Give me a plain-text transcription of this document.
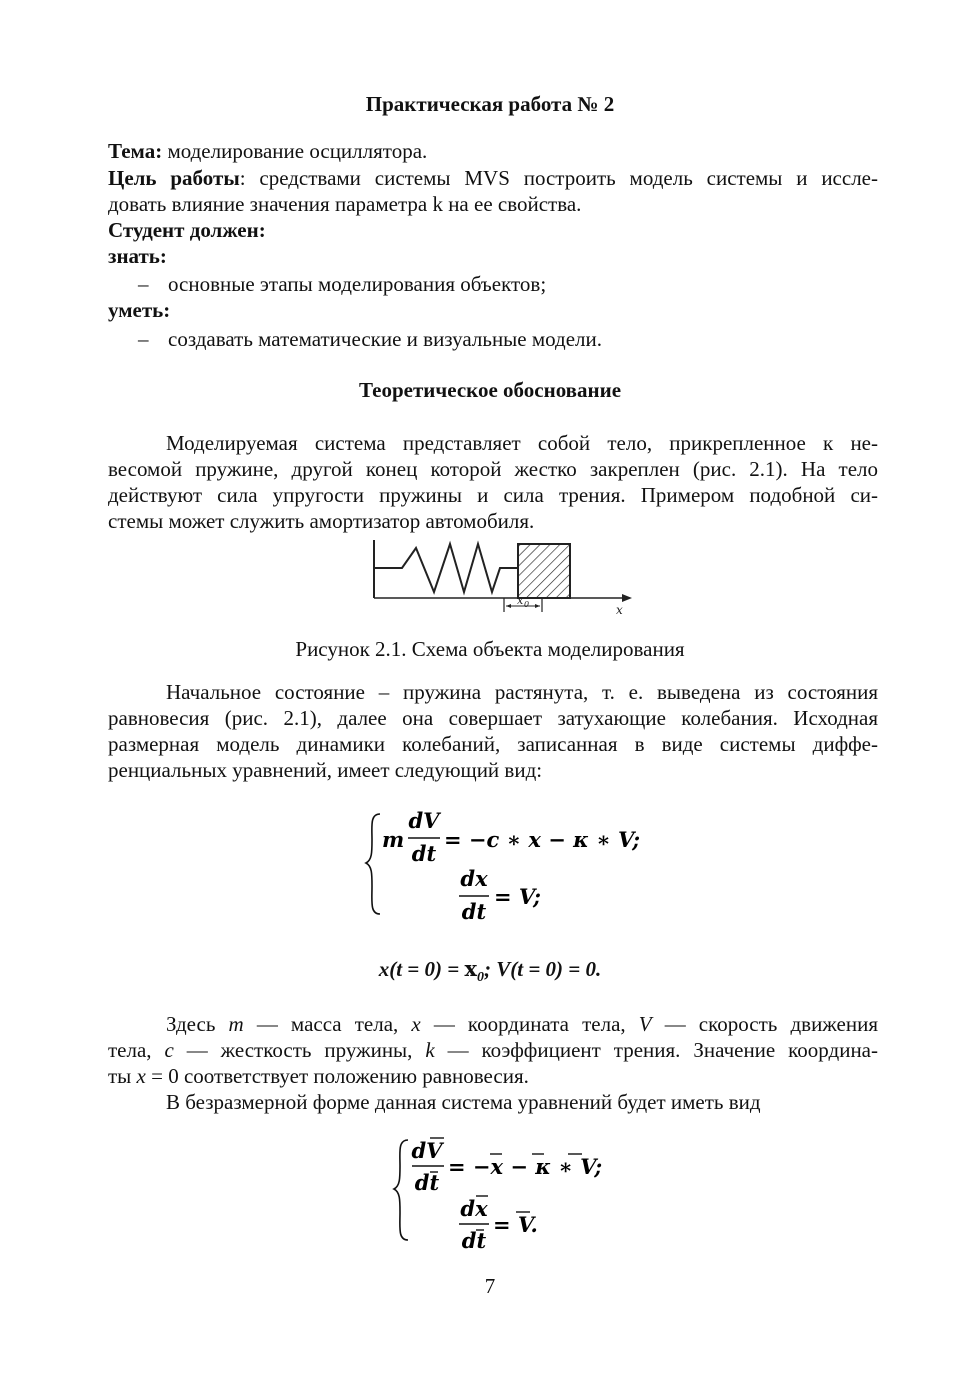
Практическая работа № 2
Тема: моделирование осциллятора.
Цель работы: средствами системы MVS построить модель системы и иссле-
довать влияние значения параметра k на ее свойства.
Студент должен:
знать:
– основные этапы моделирования объектов;
уметь:
– создавать математические и визуальные модели.
Теоретическое обоснование
Моделируемая система представляет собой тело, прикрепленное к не-
весомой пружине, другой конец которой жестко закреплен (рис. 2.1). На тело
действуют сила упругости пружины и сила трения. Примером подобной си-
стемы может служить амортизатор автомобиля.
x 0	x
Рисунок 2.1. Схема объекта моделирования
Начальное состояние – пружина растянута, т. е. выведена из состояния
равновесия (рис. 2.1), далее она совершает затухающие колебания. Исходная
размерная модель динамики колебаний, записанная в виде системы диффе-
ренциальных уравнений, имеет следующий вид:
m
dV
dt
= −c ∗ x − κ ∗ V;
dx
dt
= V;
$x(t = 0) = x_0$; V(t = 0) = 0.
Здесь m — масса тела, x — координата тела, V — скорость движения
тела, c — жесткость пружины, k — коэффициент трения. Значение координа-
ты x = 0 соответствует положению равновесия.
В безразмерной форме данная система уравнений будет иметь вид
dV
dt
= −x − κ ∗ V;
dx
dt
= V.
7
